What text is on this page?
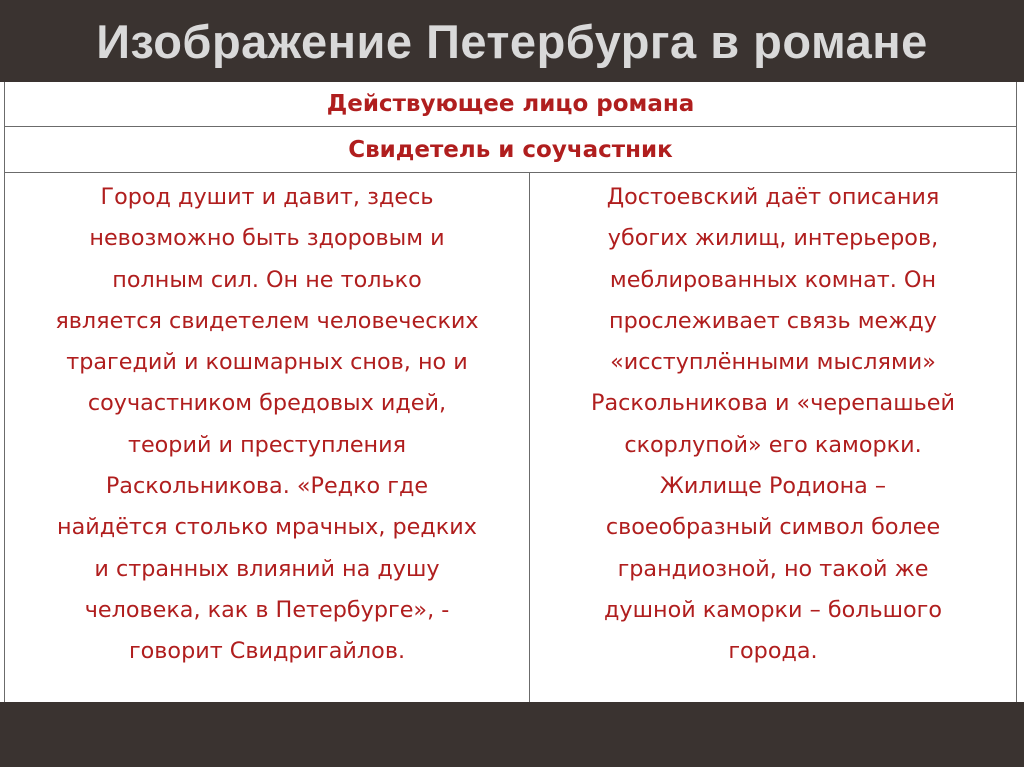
Изображение Петербурга в романе
Действующее лицо романа
Свидетель и соучастник
Город душит и давит, здесь
невозможно быть здоровым и
полным сил. Он не только
является свидетелем человеческих
трагедий и кошмарных снов, но и
соучастником бредовых идей,
теорий и преступления
Раскольникова. «Редко где
найдётся столько мрачных, редких
и странных влияний на душу
человека, как в Петербурге», -
говорит Свидригайлов.
Достоевский даёт описания
убогих жилищ, интерьеров,
меблированных комнат. Он
прослеживает связь между
«исступлёнными мыслями»
Раскольникова и «черепашьей
скорлупой» его каморки.
Жилище Родиона –
своеобразный символ более
грандиозной, но такой же
душной каморки – большого
города.
